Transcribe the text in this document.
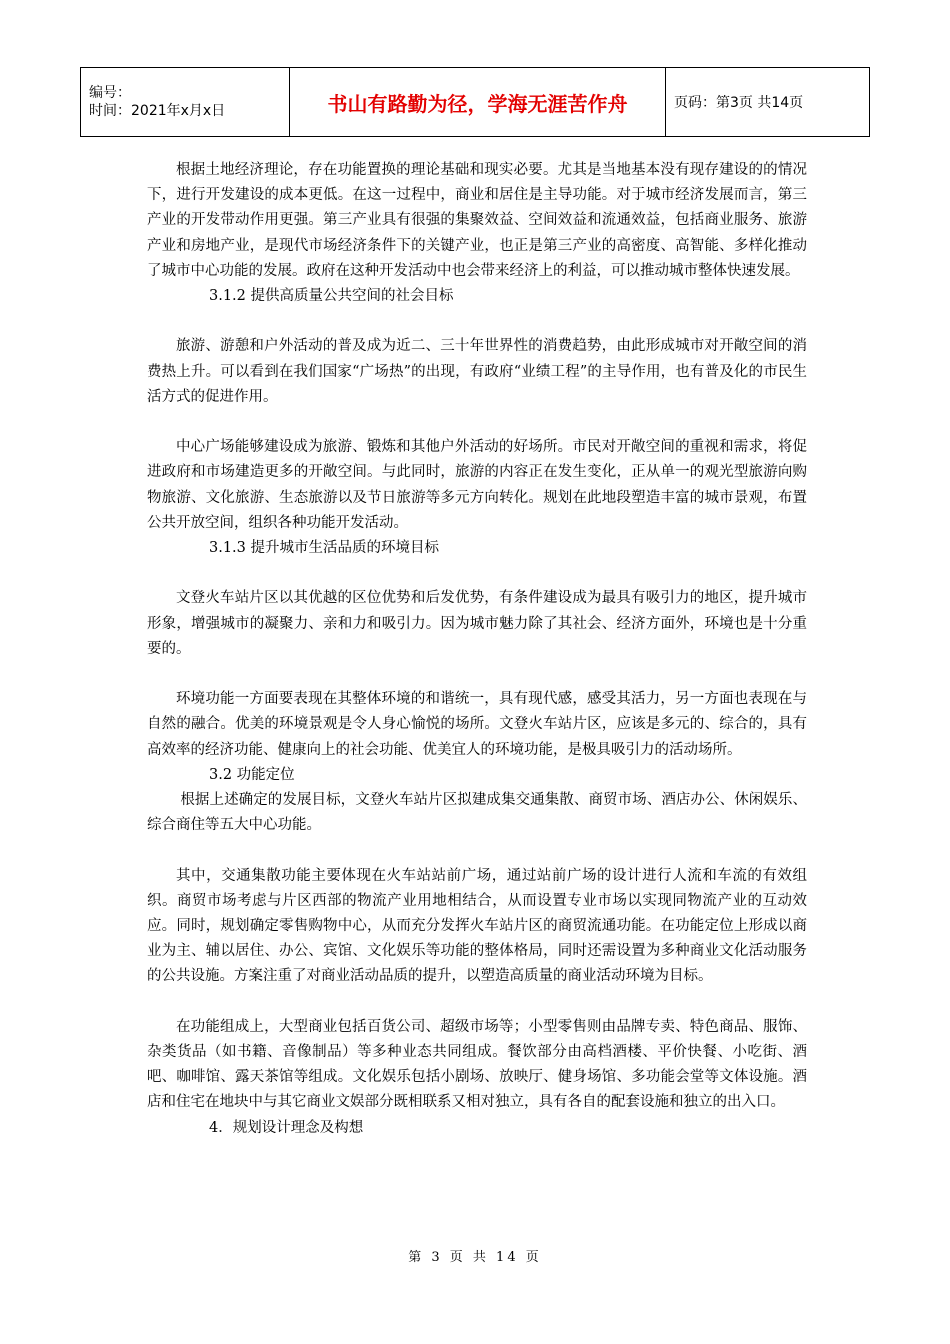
编号：
时间：2021年x月x日	书山有路勤为径，学海无涯苦作舟	页码：第3页 共14页

根据土地经济理论，存在功能置换的理论基础和现实必要。尤其是当地基本没有现存建设的的情况下，进行开发建设的成本更低。在这一过程中，商业和居住是主导功能。对于城市经济发展而言，第三产业的开发带动作用更强。第三产业具有很强的集聚效益、空间效益和流通效益，包括商业服务、旅游产业和房地产业，是现代市场经济条件下的关键产业，也正是第三产业的高密度、高智能、多样化推动了城市中心功能的发展。政府在这种开发活动中也会带来经济上的利益，可以推动城市整体快速发展。

3.1.2 提供高质量公共空间的社会目标

旅游、游憩和户外活动的普及成为近二、三十年世界性的消费趋势，由此形成城市对开敞空间的消费热上升。可以看到在我们国家“广场热”的出现，有政府“业绩工程”的主导作用，也有普及化的市民生活方式的促进作用。

中心广场能够建设成为旅游、锻炼和其他户外活动的好场所。市民对开敞空间的重视和需求，将促进政府和市场建造更多的开敞空间。与此同时，旅游的内容正在发生变化，正从单一的观光型旅游向购物旅游、文化旅游、生态旅游以及节日旅游等多元方向转化。规划在此地段塑造丰富的城市景观，布置公共开放空间，组织各种功能开发活动。

3.1.3 提升城市生活品质的环境目标

文登火车站片区以其优越的区位优势和后发优势，有条件建设成为最具有吸引力的地区，提升城市形象，增强城市的凝聚力、亲和力和吸引力。因为城市魅力除了其社会、经济方面外，环境也是十分重要的。

环境功能一方面要表现在其整体环境的和谐统一，具有现代感，感受其活力，另一方面也表现在与自然的融合。优美的环境景观是令人身心愉悦的场所。文登火车站片区，应该是多元的、综合的，具有高效率的经济功能、健康向上的社会功能、优美宜人的环境功能，是极具吸引力的活动场所。

3.2 功能定位

根据上述确定的发展目标，文登火车站片区拟建成集交通集散、商贸市场、酒店办公、休闲娱乐、综合商住等五大中心功能。

其中，交通集散功能主要体现在火车站站前广场，通过站前广场的设计进行人流和车流的有效组织。商贸市场考虑与片区西部的物流产业用地相结合，从而设置专业市场以实现同物流产业的互动效应。同时，规划确定零售购物中心，从而充分发挥火车站片区的商贸流通功能。在功能定位上形成以商业为主、辅以居住、办公、宾馆、文化娱乐等功能的整体格局，同时还需设置为多种商业文化活动服务的公共设施。方案注重了对商业活动品质的提升，以塑造高质量的商业活动环境为目标。

在功能组成上，大型商业包括百货公司、超级市场等；小型零售则由品牌专卖、特色商品、服饰、杂类货品（如书籍、音像制品）等多种业态共同组成。餐饮部分由高档酒楼、平价快餐、小吃街、酒吧、咖啡馆、露天茶馆等组成。文化娱乐包括小剧场、放映厅、健身场馆、多功能会堂等文体设施。酒店和住宅在地块中与其它商业文娱部分既相联系又相对独立，具有各自的配套设施和独立的出入口。

4．规划设计理念及构想

第 3 页 共 14 页
